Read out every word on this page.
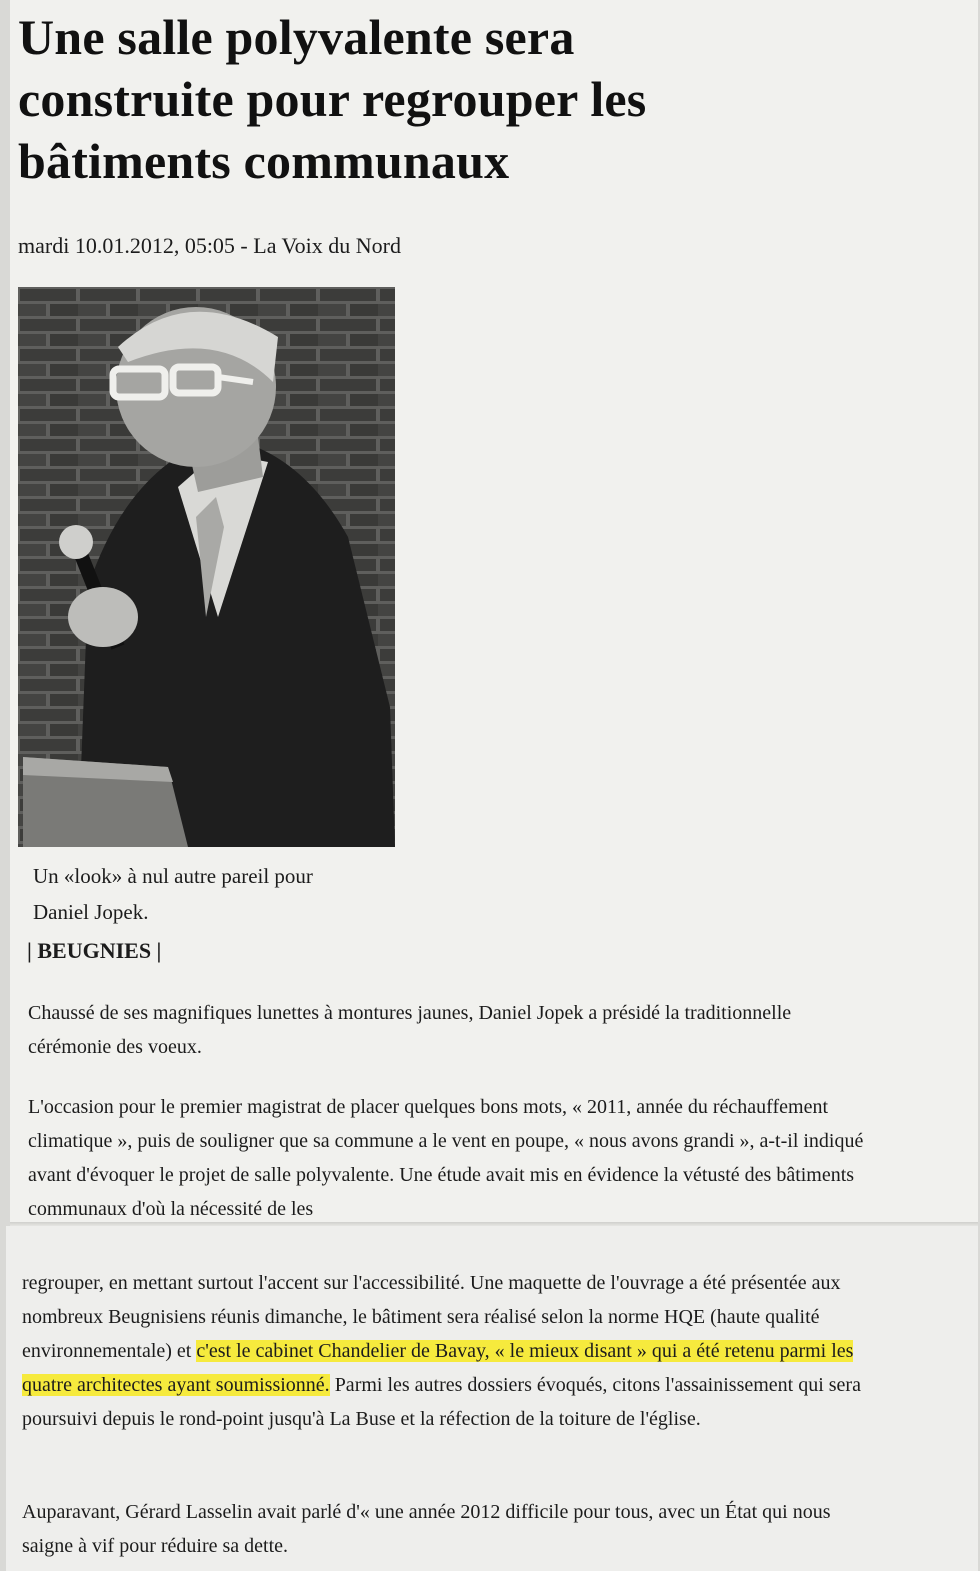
Une salle polyvalente sera construite pour regrouper les bâtiments communaux

mardi 10.01.2012, 05:05 - La Voix du Nord

Un «look» à nul autre pareil pour Daniel Jopek.

| BEUGNIES |

Chaussé de ses magnifiques lunettes à montures jaunes, Daniel Jopek a présidé la traditionnelle cérémonie des voeux.

L'occasion pour le premier magistrat de placer quelques bons mots, « 2011, année du réchauffement climatique », puis de souligner que sa commune a le vent en poupe, « nous avons grandi », a-t-il indiqué avant d'évoquer le projet de salle polyvalente. Une étude avait mis en évidence la vétusté des bâtiments communaux d'où la nécessité de les

regrouper, en mettant surtout l'accent sur l'accessibilité. Une maquette de l'ouvrage a été présentée aux nombreux Beugnisiens réunis dimanche, le bâtiment sera réalisé selon la norme HQE (haute qualité environnementale) et c'est le cabinet Chandelier de Bavay, « le mieux disant » qui a été retenu parmi les quatre architectes ayant soumissionné. Parmi les autres dossiers évoqués, citons l'assainissement qui sera poursuivi depuis le rond-point jusqu'à La Buse et la réfection de la toiture de l'église.

Auparavant, Gérard Lasselin avait parlé d'« une année 2012 difficile pour tous, avec un État qui nous saigne à vif pour réduire sa dette.
